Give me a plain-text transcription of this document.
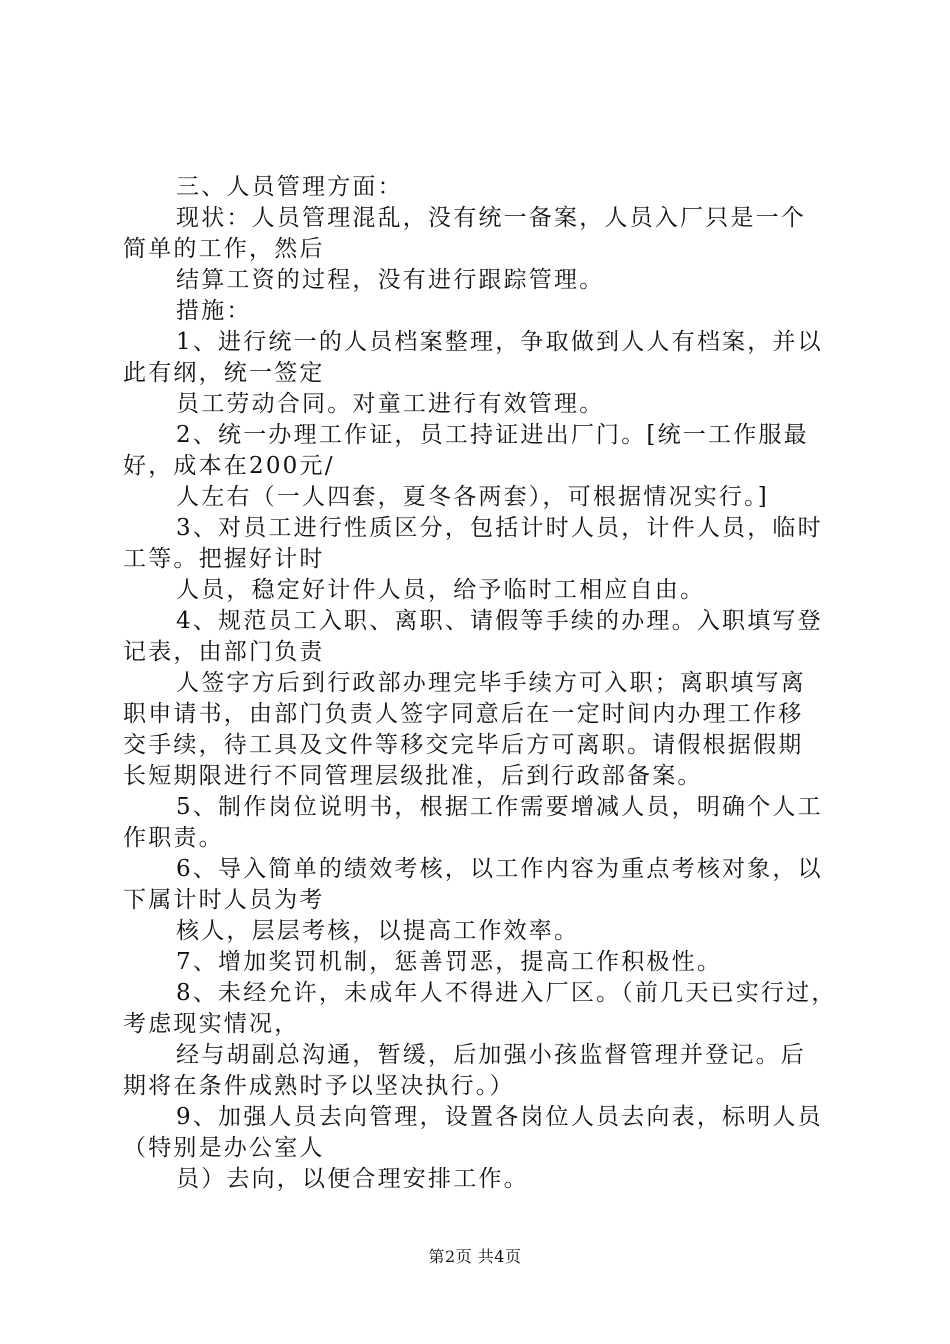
三、人员管理方面：
现状：人员管理混乱，没有统一备案，人员入厂只是一个
简单的工作，然后
结算工资的过程，没有进行跟踪管理。
措施：
1、进行统一的人员档案整理，争取做到人人有档案，并以
此有纲，统一签定
员工劳动合同。对童工进行有效管理。
2、统一办理工作证，员工持证进出厂门。[统一工作服最
好，成本在200元/
人左右（一人四套，夏冬各两套），可根据情况实行。]
3、对员工进行性质区分，包括计时人员，计件人员，临时
工等。把握好计时
人员，稳定好计件人员，给予临时工相应自由。
4、规范员工入职、离职、请假等手续的办理。入职填写登
记表，由部门负责
人签字方后到行政部办理完毕手续方可入职；离职填写离
职申请书，由部门负责人签字同意后在一定时间内办理工作移
交手续，待工具及文件等移交完毕后方可离职。请假根据假期
长短期限进行不同管理层级批准，后到行政部备案。
5、制作岗位说明书，根据工作需要增减人员，明确个人工
作职责。
6、导入简单的绩效考核，以工作内容为重点考核对象，以
下属计时人员为考
核人，层层考核，以提高工作效率。
7、增加奖罚机制，惩善罚恶，提高工作积极性。
8、未经允许，未成年人不得进入厂区。（前几天已实行过，
考虑现实情况，
经与胡副总沟通，暂缓，后加强小孩监督管理并登记。后
期将在条件成熟时予以坚决执行。）
9、加强人员去向管理，设置各岗位人员去向表，标明人员
（特别是办公室人
员）去向，以便合理安排工作。
第2页 共4页
